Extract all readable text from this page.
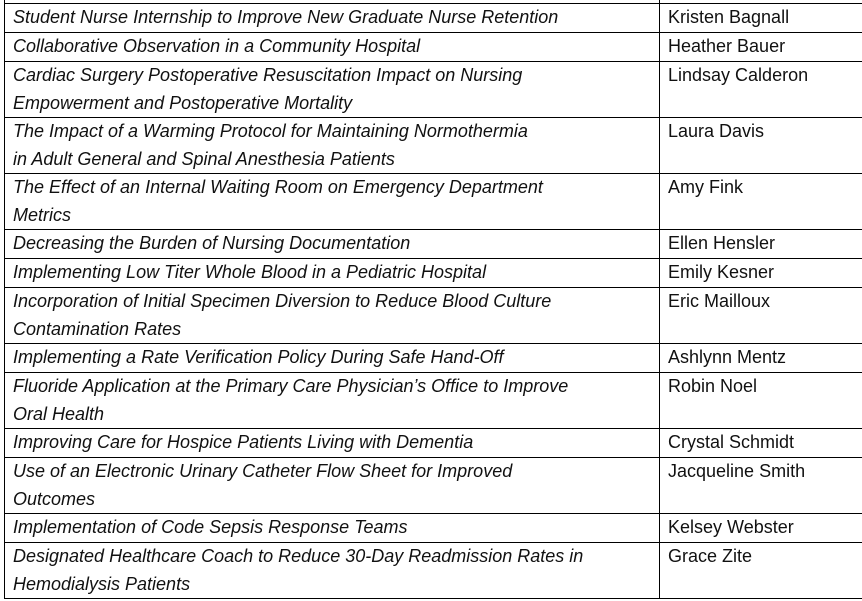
Student Nurse Internship to Improve New Graduate Nurse Retention	Kristen Bagnall

Collaborative Observation in a Community Hospital	Heather Bauer

Cardiac Surgery Postoperative Resuscitation Impact on Nursing
Empowerment and Postoperative Mortality	Lindsay Calderon

The Impact of a Warming Protocol for Maintaining Normothermia
in Adult General and Spinal Anesthesia Patients	Laura Davis

The Effect of an Internal Waiting Room on Emergency Department
Metrics	Amy Fink

Decreasing the Burden of Nursing Documentation	Ellen Hensler

Implementing Low Titer Whole Blood in a Pediatric Hospital	Emily Kesner

Incorporation of Initial Specimen Diversion to Reduce Blood Culture
Contamination Rates	Eric Mailloux

Implementing a Rate Verification Policy During Safe Hand-Off	Ashlynn Mentz

Fluoride Application at the Primary Care Physician’s Office to Improve
Oral Health	Robin Noel

Improving Care for Hospice Patients Living with Dementia	Crystal Schmidt

Use of an Electronic Urinary Catheter Flow Sheet for Improved
Outcomes	Jacqueline Smith

Implementation of Code Sepsis Response Teams	Kelsey Webster

Designated Healthcare Coach to Reduce 30-Day Readmission Rates in
Hemodialysis Patients	Grace Zite
